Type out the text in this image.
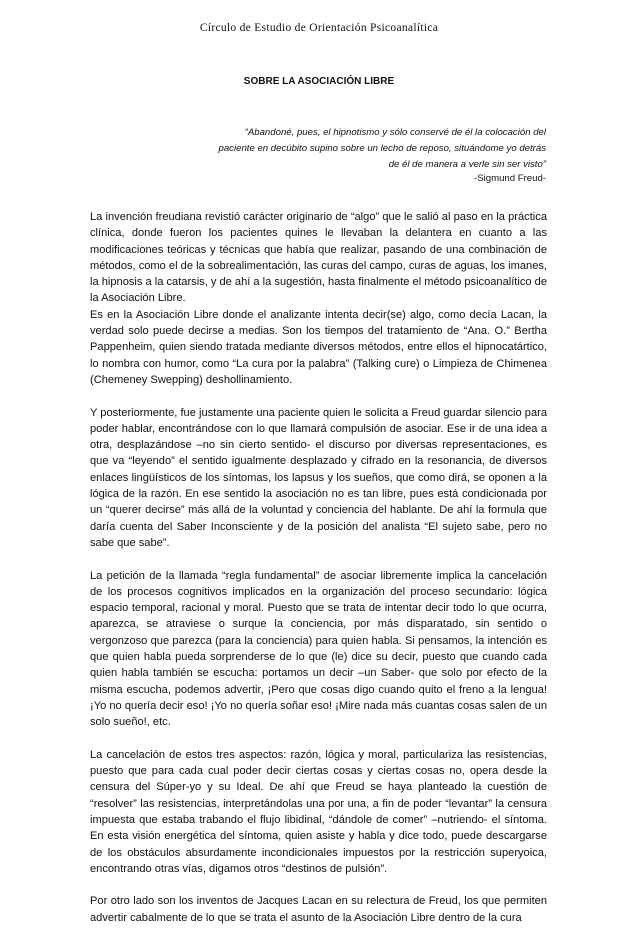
Círculo de Estudio de Orientación Psicoanalítica
SOBRE LA ASOCIACIÓN LIBRE
“Abandoné, pues, el hipnotismo y sólo conservé de él la colocación del paciente en decúbito supino sobre un lecho de reposo, situándome yo detrás de él de manera a verle sin ser visto”
-Sigmund Freud-

La invención freudiana revistió carácter originario de “algo” que le salió al paso en la práctica clínica, donde fueron los pacientes quines le llevaban la delantera en cuanto a las modificaciones teóricas y técnicas que había que realizar, pasando de una combinación de métodos, como el de la sobrealimentación, las curas del campo, curas de aguas, los imanes, la hipnosis a la catarsis, y de ahí a la sugestión, hasta finalmente el método psicoanalítico de la Asociación Libre.

Es en la Asociación Libre donde el analizante intenta decir(se) algo, como decía Lacan, la verdad solo puede decirse a medias. Son los tiempos del tratamiento de “Ana. O.” Bertha Pappenheim, quien siendo tratada mediante diversos métodos, entre ellos el hipnocatártico, lo nombra con humor, como “La cura por la palabra” (Talking cure) o Limpieza de Chimenea (Chemeney Swepping) deshollinamiento.

Y posteriormente, fue justamente una paciente quien le solicita a Freud guardar silencio para poder hablar, encontrándose con lo que llamará compulsión de asociar. Ese ir de una idea a otra, desplazándose –no sin cierto sentido- el discurso por diversas representaciones, es que va “leyendo” el sentido igualmente desplazado y cifrado en la resonancia, de diversos enlaces lingüísticos de los síntomas, los lapsus y los sueños, que como dirá, se oponen a la lógica de la razón. En ese sentido la asociación no es tan libre, pues está condicionada por un “querer decirse” más allá de la voluntad y conciencia del hablante. De ahí la formula que daría cuenta del Saber Inconsciente y de la posición del analista “El sujeto sabe, pero no sabe que sabe”.

La petición de la llamada “regla fundamental” de asociar libremente implica la cancelación de los procesos cognitivos implicados en la organización del proceso secundario: lógica espacio temporal, racional y moral. Puesto que se trata de intentar decir todo lo que ocurra, aparezca, se atraviese o surque la conciencia, por más disparatado, sin sentido o vergonzoso que parezca (para la conciencia) para quien habla. Si pensamos, la intención es que quien habla pueda sorprenderse de lo que (le) dice su decir, puesto que cuando cada quien habla también se escucha: portamos un decir –un Saber- que solo por efecto de la misma escucha, podemos advertir, ¡Pero que cosas digo cuando quito el freno a la lengua! ¡Yo no quería decir eso! ¡Yo no quería soñar eso! ¡Mire nada más cuantas cosas salen de un solo sueño!, etc.

La cancelación de estos tres aspectos: razón, lógica y moral, particulariza las resistencias, puesto que para cada cual poder decir ciertas cosas y ciertas cosas no, opera desde la censura del Súper-yo y su Ideal. De ahí que Freud se haya planteado la cuestión de “resolver” las resistencias, interpretándolas una por una, a fin de poder “levantar” la censura impuesta que estaba trabando el flujo libidinal, “dándole de comer” –nutriendo- el síntoma. En esta visión energética del síntoma, quien asiste y habla y dice todo, puede descargarse de los obstáculos absurdamente incondicionales impuestos por la restricción superyoica, encontrando otras vías, digamos otros “destinos de pulsión”.

Por otro lado son los inventos de Jacques Lacan en su relectura de Freud, los que permiten advertir cabalmente de lo que se trata el asunto de la Asociación Libre dentro de la cura
